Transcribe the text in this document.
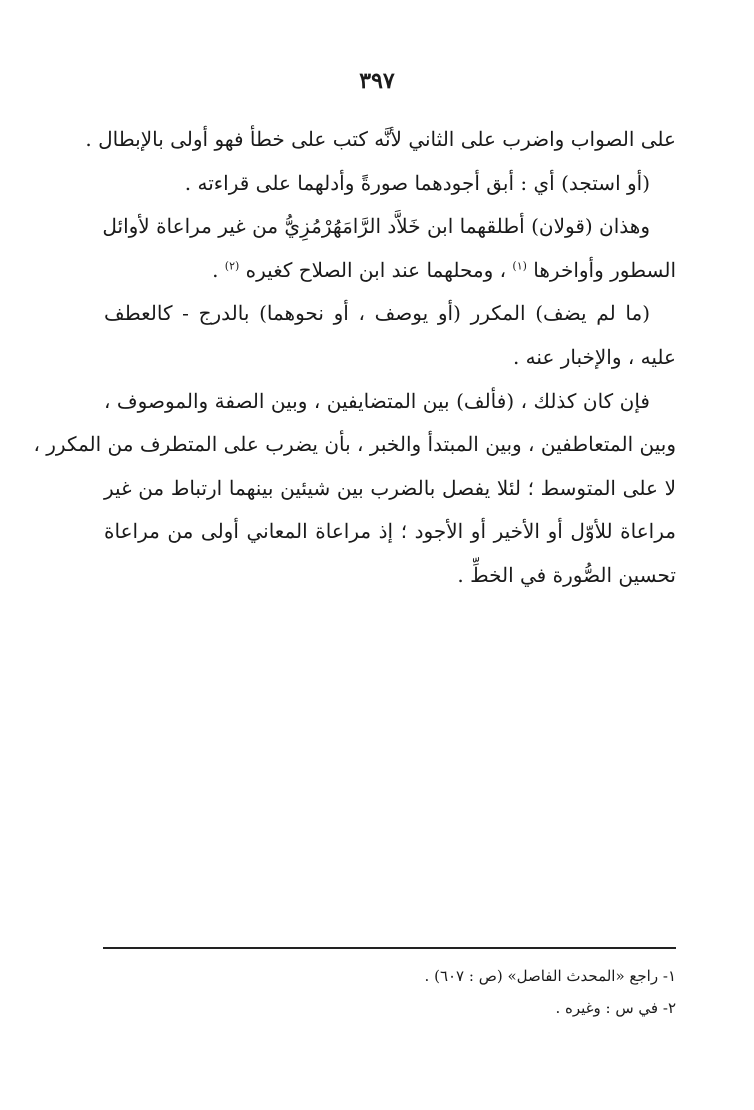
٣٩٧
على الصواب واضرب على الثاني لأنَّه كتب على خطأ فهو أولى بالإبطال .
(أو استجد) أي : أبق أجودهما صورةً وأدلهما على قراءته .
وهذان (قولان) أطلقهما ابن خَلاَّد الرَّامَهُرْمُزِيُّ من غير مراعاة لأوائل
السطور وأواخرها $^{(١)}$ ، ومحلهما عند ابن الصلاح كغيره $^{(٢)}$ .
(ما لم يضف) المكرر (أو يوصف ، أو نحوهما) بالدرج - كالعطف
عليه ، والإخبار عنه .
فإن كان كذلك ، (فألف) بين المتضايفين ، وبين الصفة والموصوف ،
وبين المتعاطفين ، وبين المبتدأ والخبر ، بأن يضرب على المتطرف من المكرر ،
لا على المتوسط ؛ لئلا يفصل بالضرب بين شيئين بينهما ارتباط من غير
مراعاة للأوّل أو الأخير أو الأجود ؛ إذ مراعاة المعاني أولى من مراعاة
تحسين الصُّورة في الخطِّ .
١- راجع «المحدث الفاصل» (ص : ٦٠٧) .
٢- في س : وغيره .
